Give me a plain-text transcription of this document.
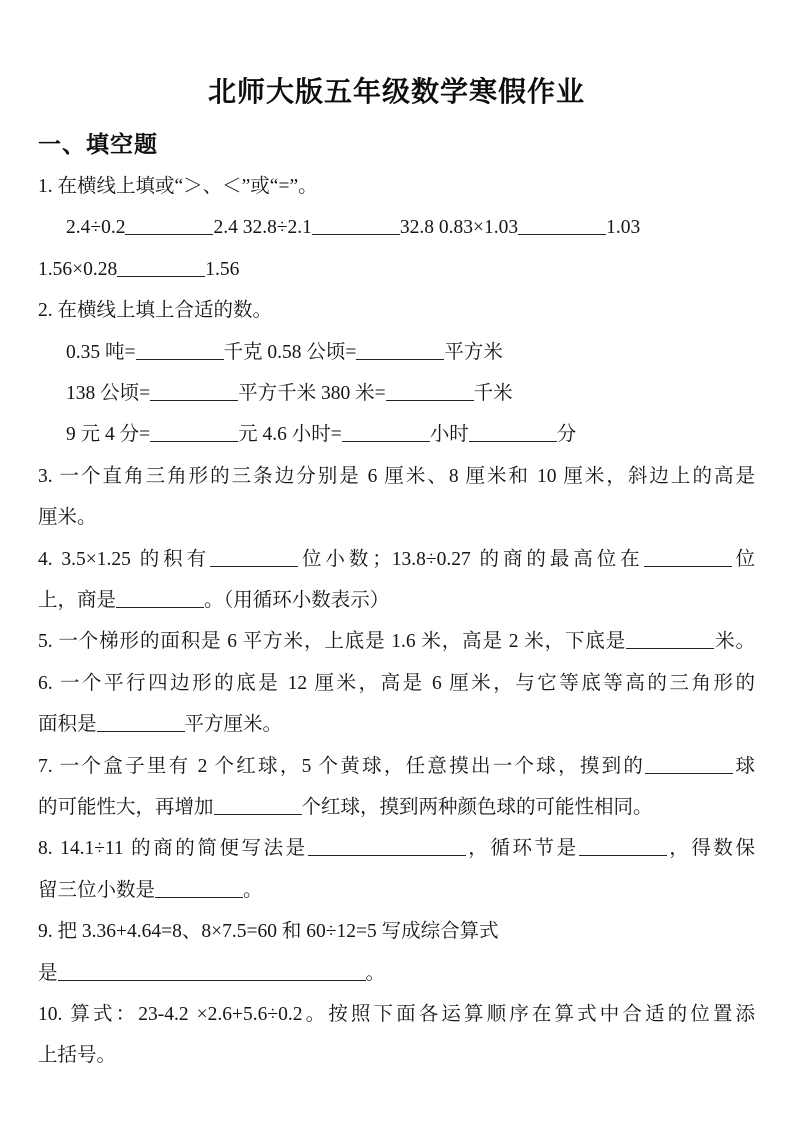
北师大版五年级数学寒假作业
一、填空题

1. 在横线上填或“＞、＜”或“=”。

2.4÷0.2	2.4 32.8÷2.1	32.8 0.83×1.03	1.03

1.56×0.28	1.56

2. 在横线上填上合适的数。

0.35 吨=	千克 0.58 公顷=	平方米

138 公顷=	平方千米 380 米=	千米

9 元 4 分=	元 4.6 小时=	小时	分

3. 一个直角三角形的三条边分别是 6 厘米、8 厘米和 10 厘米，斜边上的高是

厘米。

4. 3.5×1.25 的积有	位小数；13.8÷0.27 的商的最高位在	位

上，商是	。（用循环小数表示）

5. 一个梯形的面积是 6 平方米，上底是 1.6 米，高是 2 米，下底是	米。

6. 一个平行四边形的底是 12 厘米，高是 6 厘米，与它等底等高的三角形的

面积是	平方厘米。

7. 一个盒子里有 2 个红球，5 个黄球，任意摸出一个球，摸到的	球

的可能性大，再增加	个红球，摸到两种颜色球的可能性相同。

8. 14.1÷11 的商的简便写法是	，循环节是	，得数保

留三位小数是	。

9. 把 3.36+4.64=8、8×7.5=60 和 60÷12=5 写成综合算式

是	。

10. 算式：23-4.2 ×2.6+5.6÷0.2。按照下面各运算顺序在算式中合适的位置添

上括号。
